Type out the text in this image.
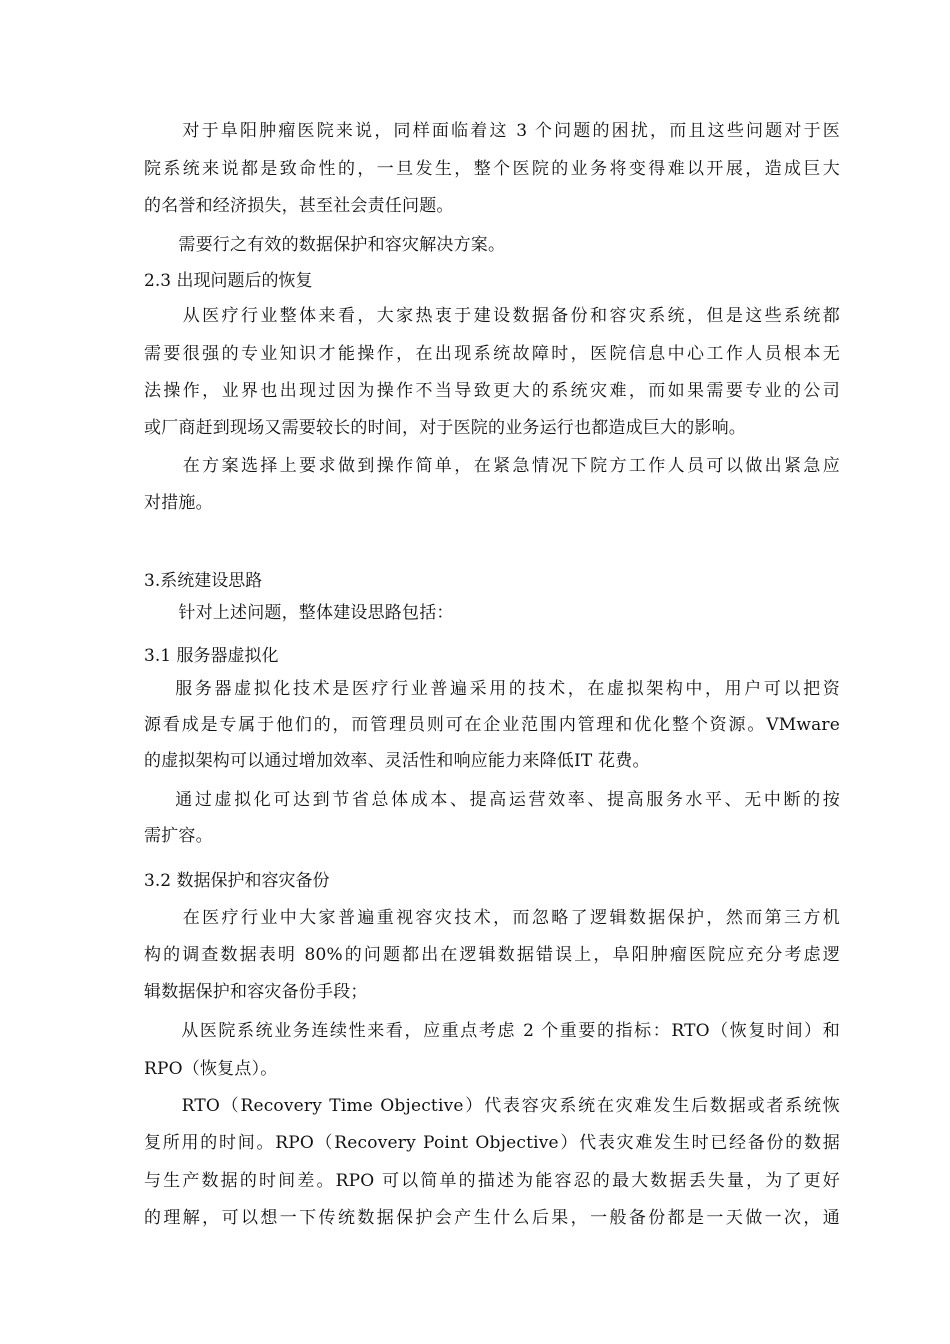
　　对于阜阳肿瘤医院来说，同样面临着这 3 个问题的困扰，而且这些问题对于医

院系统来说都是致命性的，一旦发生，整个医院的业务将变得难以开展，造成巨大

的名誉和经济损失，甚至社会责任问题。

　　需要行之有效的数据保护和容灾解决方案。

2.3 出现问题后的恢复

　　从医疗行业整体来看，大家热衷于建设数据备份和容灾系统，但是这些系统都

需要很强的专业知识才能操作，在出现系统故障时，医院信息中心工作人员根本无

法操作，业界也出现过因为操作不当导致更大的系统灾难，而如果需要专业的公司

或厂商赶到现场又需要较长的时间，对于医院的业务运行也都造成巨大的影响。

　　在方案选择上要求做到操作简单，在紧急情况下院方工作人员可以做出紧急应

对措施。

3.系统建设思路

　　针对上述问题，整体建设思路包括：

3.1 服务器虚拟化

　　服务器虚拟化技术是医疗行业普遍采用的技术，在虚拟架构中，用户可以把资

源看成是专属于他们的，而管理员则可在企业范围内管理和优化整个资源。VMware

的虚拟架构可以通过增加效率、灵活性和响应能力来降低IT 花费。

　　通过虚拟化可达到节省总体成本、提高运营效率、提高服务水平、无中断的按

需扩容。

3.2 数据保护和容灾备份

　　在医疗行业中大家普遍重视容灾技术，而忽略了逻辑数据保护，然而第三方机

构的调查数据表明 80%的问题都出在逻辑数据错误上，阜阳肿瘤医院应充分考虑逻

辑数据保护和容灾备份手段；

　　从医院系统业务连续性来看，应重点考虑 2 个重要的指标：RTO（恢复时间）和

RPO（恢复点）。

　　RTO（Recovery Time Objective）代表容灾系统在灾难发生后数据或者系统恢

复所用的时间。RPO（Recovery Point Objective）代表灾难发生时已经备份的数据

与生产数据的时间差。RPO 可以简单的描述为能容忍的最大数据丢失量，为了更好

的理解，可以想一下传统数据保护会产生什么后果，一般备份都是一天做一次，通
